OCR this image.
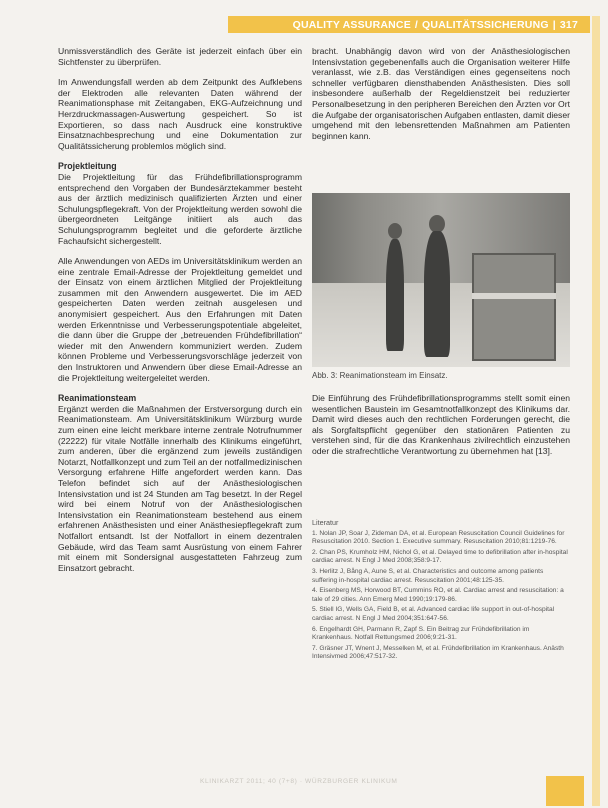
QUALITY ASSURANCE / QUALITÄTSSICHERUNG | 317

Unmissverständlich des Geräte ist jederzeit einfach über ein Sichtfenster zu überprüfen.

Im Anwendungsfall werden ab dem Zeitpunkt des Aufklebens der Elektroden alle relevanten Daten während der Reanimationsphase mit Zeitangaben, EKG-Aufzeichnung und Herzdruckmassagen-Auswertung gespeichert. So ist Exportieren, so dass nach Ausdruck eine konstruktive Einsatznachbesprechung und eine Dokumentation zur Qualitätssicherung problemlos möglich sind.

Projektleitung

Die Projektleitung für das Frühdefibrillationsprogramm entsprechend den Vorgaben der Bundesärztekammer besteht aus der ärztlich medizinisch qualifizierten Ärzten und einer Schulungspflegekraft. Von der Projektleitung werden sowohl die übergeordneten Leitgänge initiiert als auch das Schulungsprogramm begleitet und die geforderte ärztliche Fachaufsicht sichergestellt.

Alle Anwendungen von AEDs im Universitätsklinikum werden an eine zentrale Email-Adresse der Projektleitung gemeldet und der Einsatz von einem ärztlichen Mitglied der Projektleitung zusammen mit den Anwendern ausgewertet. Die im AED gespeicherten Daten werden zeitnah ausgelesen und anonymisiert gespeichert. Aus den Erfahrungen mit Daten werden Erkenntnisse und Verbesserungspotentiale abgeleitet, die dann über die Gruppe der „betreuenden Frühdefibrillation“ wieder mit den Anwendern kommuniziert werden. Zudem können Probleme und Verbesserungsvorschläge jederzeit von den Instruktoren und Anwendern über diese Email-Adresse an die Projektleitung weitergeleitet werden.

Reanimationsteam

Ergänzt werden die Maßnahmen der Erstversorgung durch ein Reanimationsteam. Am Universitätsklinikum Würzburg wurde zum einen eine leicht merkbare interne zentrale Notrufnummer (22222) für vitale Notfälle innerhalb des Klinikums eingeführt, zum anderen, über die ergänzend zum jeweils zuständigen Notarzt, Notfallkonzept und zum Teil an der notfallmedizinischen Versorgung erfahrene Hilfe angefordert werden kann. Das Telefon befindet sich auf der Anästhesiologischen Intensivstation und ist 24 Stunden am Tag besetzt. In der Regel wird bei einem Notruf von der Anästhesiologischen Intensivstation ein Reanimationsteam bestehend aus einem erfahrenen Anästhesisten und einer Anästhesiepflegekraft zum Notfallort entsandt. Ist der Notfallort in einem dezentralen Gebäude, wird das Team samt Ausrüstung von einem Fahrer mit einem mit Sondersignal ausgestatteten Fahrzeug zum Einsatzort gebracht.

bracht. Unabhängig davon wird von der Anästhesiologischen Intensivstation gegebenenfalls auch die Organisation weiterer Hilfe veranlasst, wie z.B. das Verständigen eines gegenseitens noch schneller verfügbaren diensthabenden Anästhesisten. Dies soll insbesondere außerhalb der Regeldienstzeit bei reduzierter Personalbesetzung in den peripheren Bereichen den Ärzten vor Ort die Aufgabe der organisatorischen Aufgaben entlasten, damit dieser umgehend mit den lebensrettenden Maßnahmen am Patienten beginnen kann.

Abb. 3: Reanimationsteam im Einsatz.

Die Einführung des Frühdefibrillationsprogramms stellt somit einen wesentlichen Baustein im Gesamtnotfallkonzept des Klinikums dar. Damit wird dieses auch den rechtlichen Forderungen gerecht, die als Sorgfaltspflicht gegenüber den stationären Patienten zu verstehen sind, für die das Krankenhaus zivilrechtlich einzustehen oder die strafrechtliche Verantwortung zu übernehmen hat [13].

Literatur
1. Nolan JP, Soar J, Zideman DA, et al. European Resuscitation Council Guidelines for Resuscitation 2010. Section 1. Executive summary. Resuscitation 2010;81:1219-76.
2. Chan PS, Krumholz HM, Nichol G, et al. Delayed time to defibrillation after in-hospital cardiac arrest. N Engl J Med 2008;358:9-17.
3. Herlitz J, Bång A, Aune S, et al. Characteristics and outcome among patients suffering in-hospital cardiac arrest. Resuscitation 2001;48:125-35.
4. Eisenberg MS, Horwood BT, Cummins RO, et al. Cardiac arrest and resuscitation: a tale of 29 cities. Ann Emerg Med 1990;19:179-86.
5. Stiell IG, Wells GA, Field B, et al. Advanced cardiac life support in out-of-hospital cardiac arrest. N Engl J Med 2004;351:647-56.
6. Engelhardt GH, Parmann R, Zapf S. Ein Beitrag zur Frühdefibrillation im Krankenhaus. Notfall Rettungsmed 2006;9:21-31.
7. Gräsner JT, Wnent J, Messelken M, et al. Frühdefibrillation im Krankenhaus. Anästh Intensivmed 2006;47:517-32.
KLINIKARZT 2011; 40 (7+8) · WÜRZBURGER KLINIKUM
